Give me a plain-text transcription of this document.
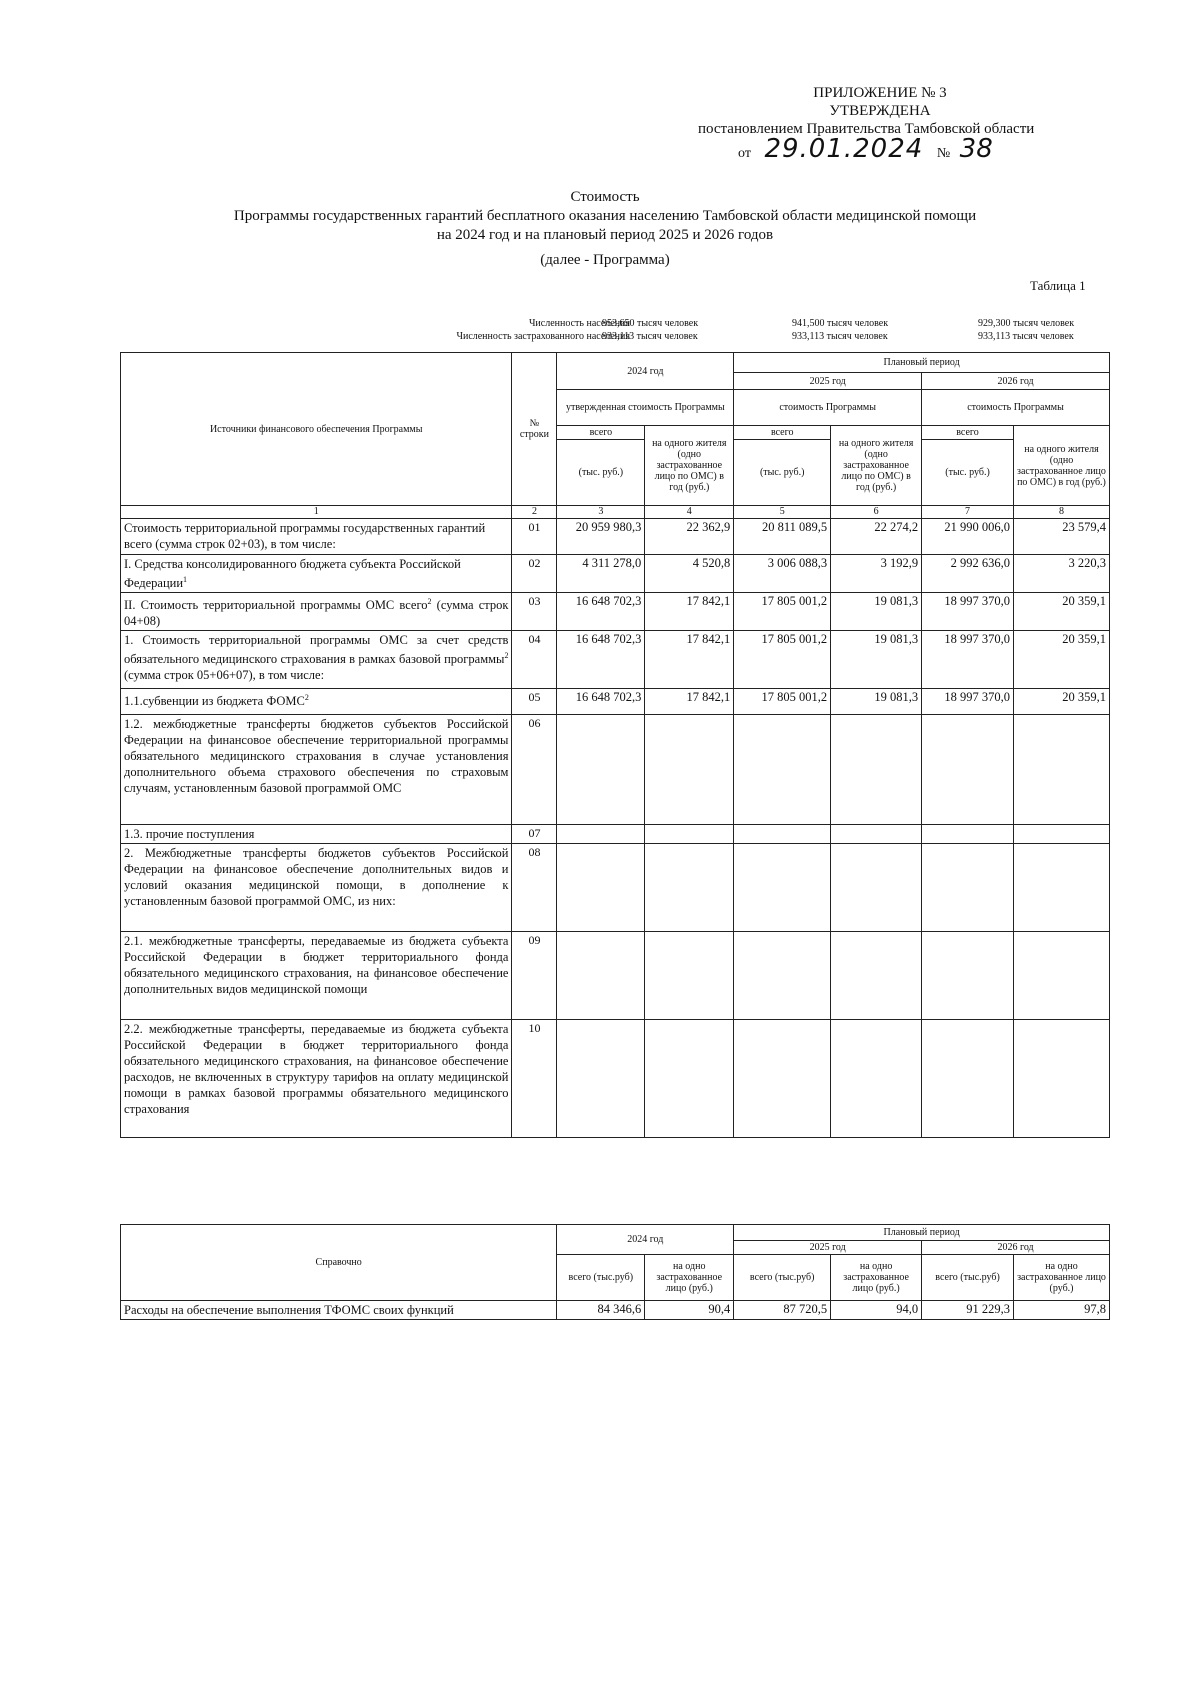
ПРИЛОЖЕНИЕ № 3
УТВЕРЖДЕНА
постановлением Правительства Тамбовской области
от 29.01.2024 № 38
Стоимость
Программы государственных гарантий бесплатного оказания населению Тамбовской области медицинской помощи
на 2024 год и на плановый период 2025 и 2026 годов
(далее - Программа)
Таблица 1
Численность населения
953,650 тысяч человек	941,500 тысяч человек	929,300 тысяч человек
Численность застрахованного населения
933,113 тысяч человек	933,113 тысяч человек	933,113 тысяч человек
Источники финансового обеспечения Программы	№ строки	2024 год		Плановый период			
				2025 год		2026 год	
		утвержденная стоимость Программы		стоимость Программы		стоимость Программы	
		всего	на одного жителя (одно застрахованное лицо по ОМС) в год (руб.)	всего	на одного жителя (одно застрахованное лицо по ОМС) в год (руб.)	всего	на одного жителя (одно застрахованное лицо по ОМС) в год (руб.)
		(тыс. руб.)		(тыс. руб.)		(тыс. руб.)	
1	2	3	4	5	6	7	8
Стоимость территориальной программы государственных гарантий всего (сумма строк 02+03), в том числе:	01	20 959 980,3	22 362,9	20 811 089,5	22 274,2	21 990 006,0	23 579,4
I. Средства консолидированного бюджета субъекта Российской Федерации$^1$	02	4 311 278,0	4 520,8	3 006 088,3	3 192,9	2 992 636,0	3 220,3
II. Стоимость территориальной программы ОМС всего$^2$ (сумма строк 04+08)	03	16 648 702,3	17 842,1	17 805 001,2	19 081,3	18 997 370,0	20 359,1
1. Стоимость территориальной программы ОМС за счет средств обязательного медицинского страхования в рамках базовой программы$^2$ (сумма строк 05+06+07), в том числе:	04	16 648 702,3	17 842,1	17 805 001,2	19 081,3	18 997 370,0	20 359,1
1.1.субвенции из бюджета ФОМС$^2$	05	16 648 702,3	17 842,1	17 805 001,2	19 081,3	18 997 370,0	20 359,1
1.2. межбюджетные трансферты бюджетов субъектов Российской Федерации на финансовое обеспечение территориальной программы обязательного медицинского страхования в случае установления дополнительного объема страхового обеспечения по страховым случаям, установленным базовой программой ОМС	06						
1.3. прочие поступления	07						
2. Межбюджетные трансферты бюджетов субъектов Российской Федерации на финансовое обеспечение дополнительных видов и условий оказания медицинской помощи, в дополнение к установленным базовой программой ОМС, из них:	08						
2.1. межбюджетные трансферты, передаваемые из бюджета субъекта Российской Федерации в бюджет территориального фонда обязательного медицинского страхования, на финансовое обеспечение дополнительных видов медицинской помощи	09						
2.2. межбюджетные трансферты, передаваемые из бюджета субъекта Российской Федерации в бюджет территориального фонда обязательного медицинского страхования, на финансовое обеспечение расходов, не включенных в структуру тарифов на оплату медицинской помощи в рамках базовой программы обязательного медицинского страхования	10						
Справочно	2024 год		Плановый период			
			2025 год		2026 год	
	всего (тыс.руб)	на одно застрахованное лицо (руб.)	всего (тыс.руб)	на одно застрахованное лицо (руб.)	всего (тыс.руб)	на одно застрахованное лицо (руб.)
Расходы на обеспечение выполнения ТФОМС своих функций	84 346,6	90,4	87 720,5	94,0	91 229,3	97,8
